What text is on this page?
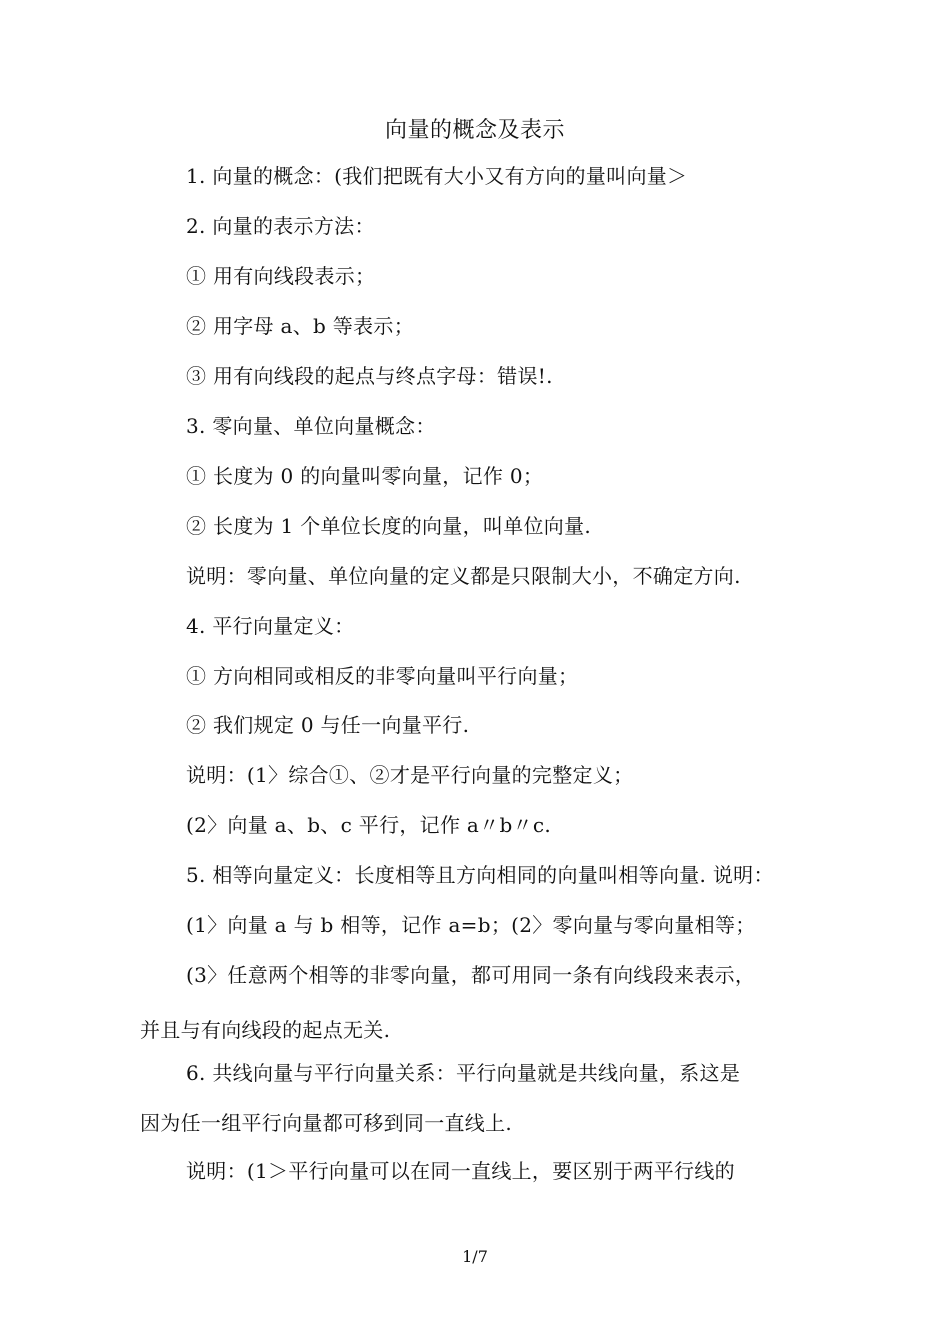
向量的概念及表示
1. 向量的概念：(我们把既有大小又有方向的量叫向量＞
2. 向量的表示方法：
① 用有向线段表示；
② 用字母 a、b 等表示；
③ 用有向线段的起点与终点字母：错误!.
3. 零向量、单位向量概念：
① 长度为 0 的向量叫零向量，记作 0；
② 长度为 1 个单位长度的向量，叫单位向量.
说明：零向量、单位向量的定义都是只限制大小，不确定方向.
4. 平行向量定义：
① 方向相同或相反的非零向量叫平行向量；
② 我们规定 0 与任一向量平行.
说明：(1〉综合①、②才是平行向量的完整定义；
(2〉向量 a、b、c 平行，记作 a〃b〃c.
5. 相等向量定义：长度相等且方向相同的向量叫相等向量. 说明：
(1〉向量 a 与 b 相等，记作 a=b；(2〉零向量与零向量相等；
(3〉任意两个相等的非零向量，都可用同一条有向线段来表示，
并且与有向线段的起点无关.
6. 共线向量与平行向量关系：平行向量就是共线向量，系这是
因为任一组平行向量都可移到同一直线上.
说明：(1＞平行向量可以在同一直线上，要区别于两平行线的
1/7
